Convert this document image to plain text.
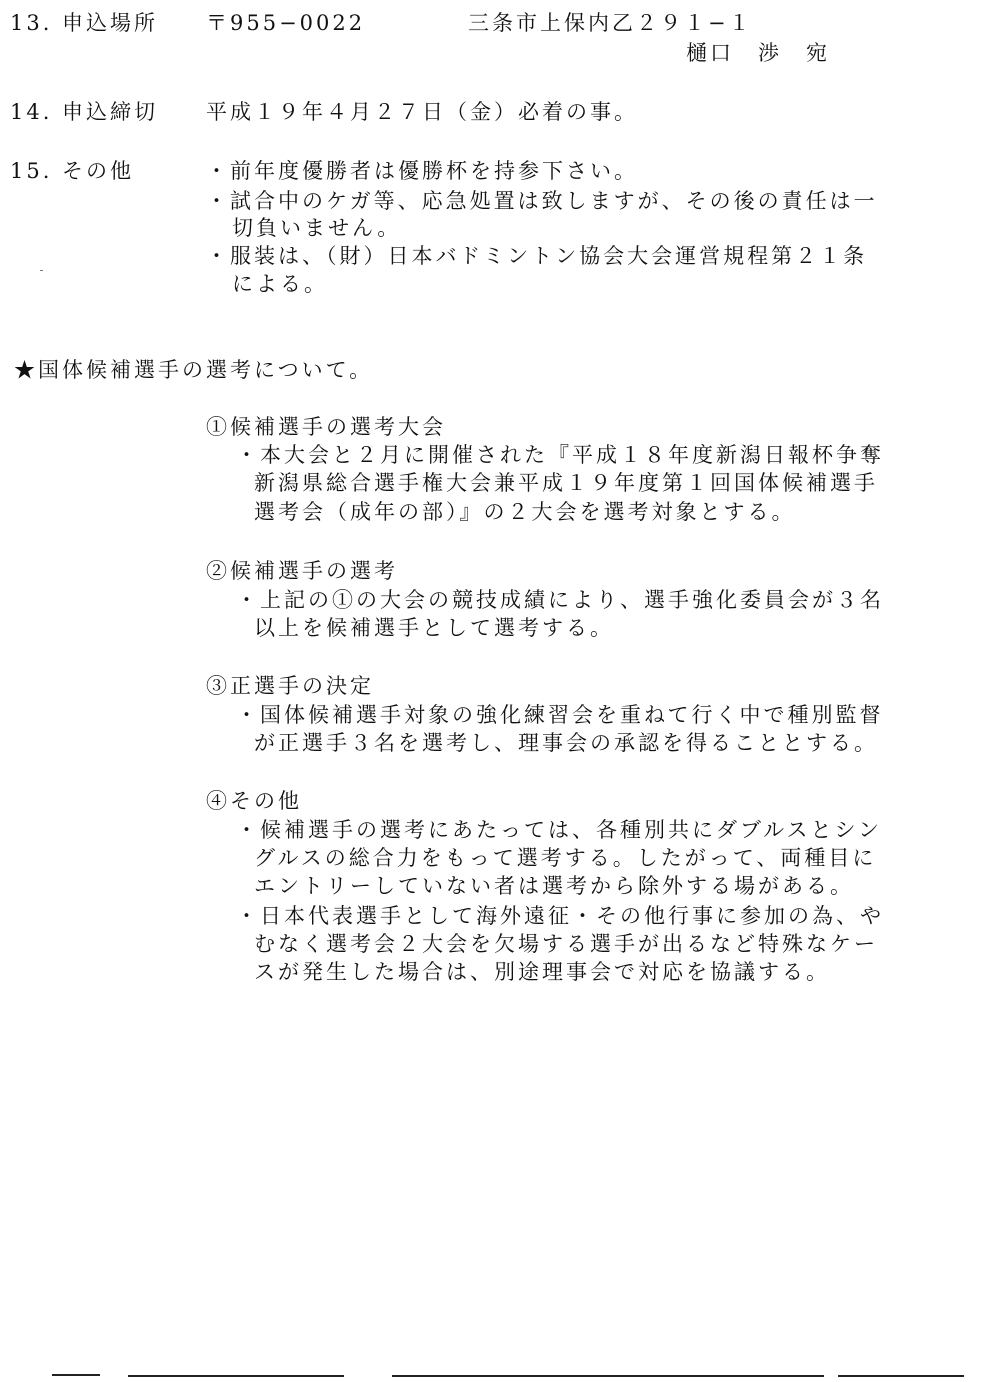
13. 申込場所 〒955−0022	三条市上保内乙２９１−１
樋口　渉　宛
14. 申込締切 平成１９年４月２７日（金）必着の事。
15. その他	・前年度優勝者は優勝杯を持参下さい。
・試合中のケガ等、応急処置は致しますが、その後の責任は一
切負いません。
・服装は、（財）日本バドミントン協会大会運営規程第２１条
による。
★国体候補選手の選考について。
①候補選手の選考大会
・本大会と２月に開催された『平成１８年度新潟日報杯争奪
新潟県総合選手権大会兼平成１９年度第１回国体候補選手
選考会（成年の部）』の２大会を選考対象とする。
②候補選手の選考
・上記の①の大会の競技成績により、選手強化委員会が３名
以上を候補選手として選考する。
③正選手の決定
・国体候補選手対象の強化練習会を重ねて行く中で種別監督
が正選手３名を選考し、理事会の承認を得ることとする。
④その他
・候補選手の選考にあたっては、各種別共にダブルスとシン
グルスの総合力をもって選考する。したがって、両種目に
エントリーしていない者は選考から除外する場がある。
・日本代表選手として海外遠征・その他行事に参加の為、や
むなく選考会２大会を欠場する選手が出るなど特殊なケー
スが発生した場合は、別途理事会で対応を協議する。
